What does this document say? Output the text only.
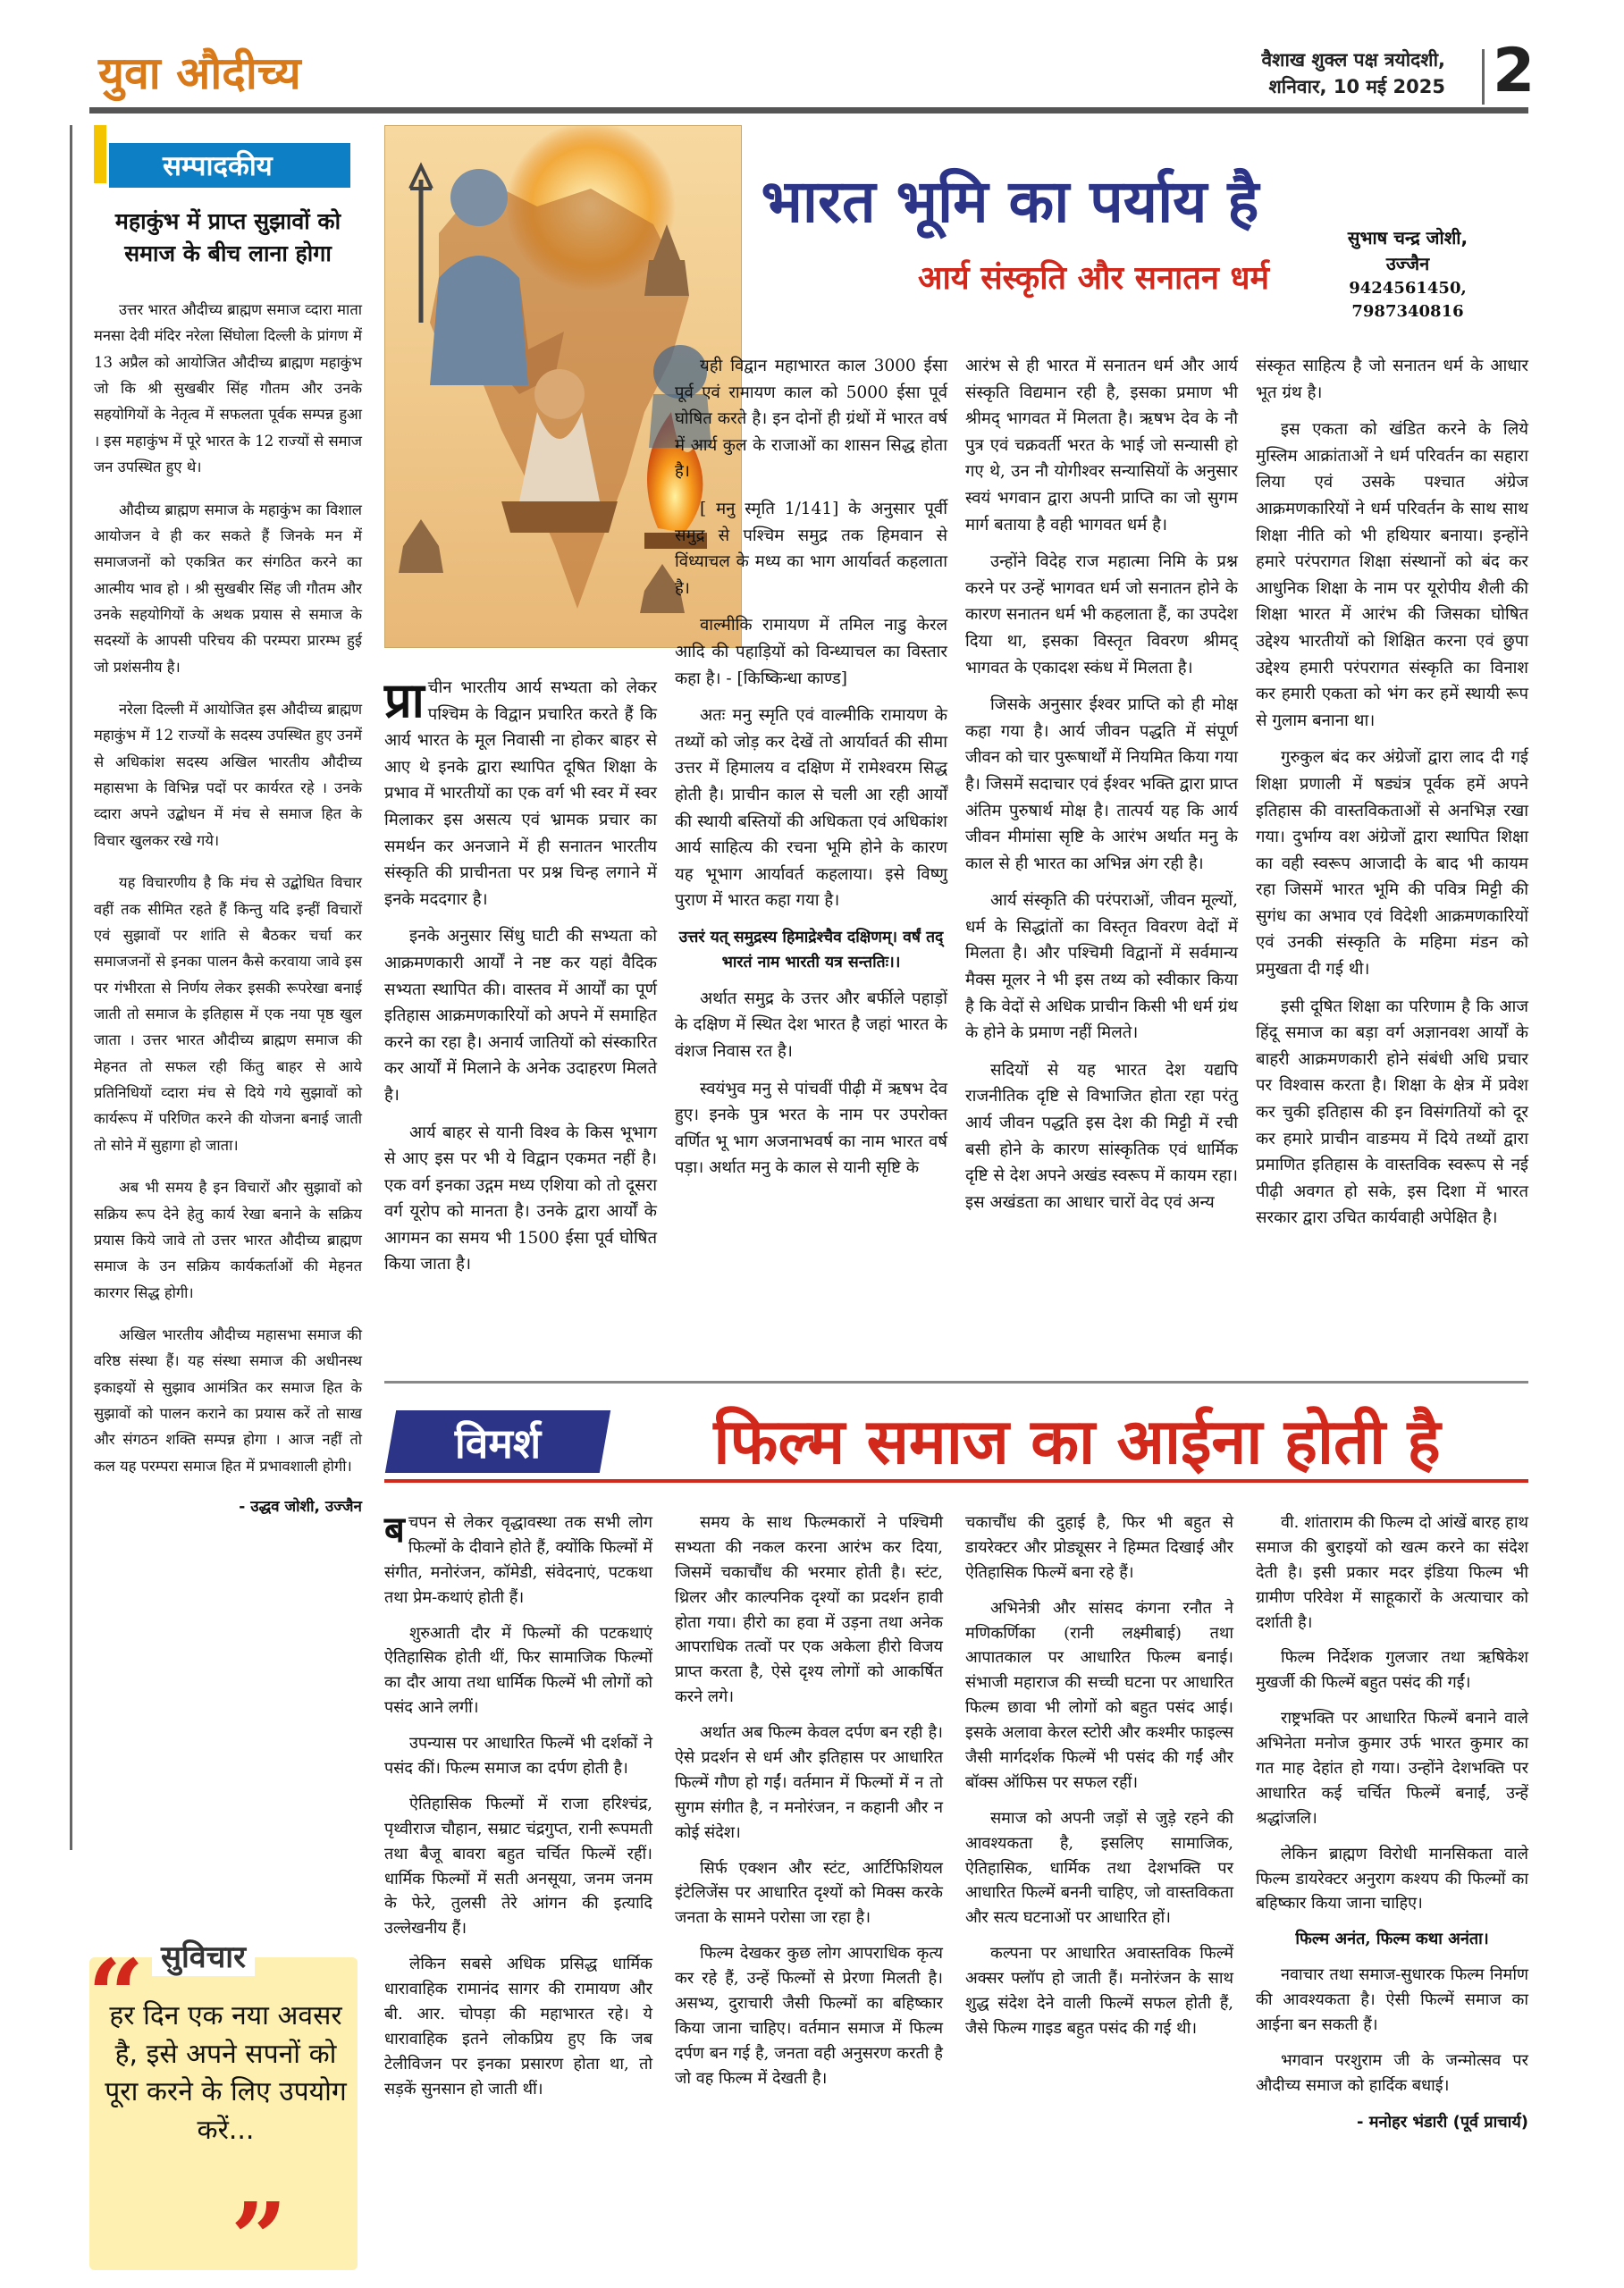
युवा औदीच्य	वैशाख शुक्ल पक्ष त्रयोदशी,
शनिवार, 10 मई 2025 2
सम्पादकीय
महाकुंभ में प्राप्त सुझावों को समाज के बीच लाना होगा

उत्तर भारत औदीच्य ब्राह्मण समाज व्दारा माता मनसा देवी मंदिर नरेला सिंघोला दिल्ली के प्रांगण में 13 अप्रैल को आयोजित औदीच्य ब्राह्मण महाकुंभ जो कि श्री सुखबीर सिंह गौतम और उनके सहयोगियों के नेतृत्व में सफलता पूर्वक सम्पन्न हुआ । इस महाकुंभ में पूरे भारत के 12 राज्यों से समाज जन उपस्थित हुए थे।

औदीच्य ब्राह्मण समाज के महाकुंभ का विशाल आयोजन वे ही कर सकते हैं जिनके मन में समाजजनों को एकत्रित कर संगठित करने का आत्मीय भाव हो । श्री सुखबीर सिंह जी गौतम और उनके सहयोगियों के अथक प्रयास से समाज के सदस्यों के आपसी परिचय की परम्परा प्रारम्भ हुई जो प्रशंसनीय है।

नरेला दिल्ली में आयोजित इस औदीच्य ब्राह्मण महाकुंभ में 12 राज्यों के सदस्य उपस्थित हुए उनमें से अधिकांश सदस्य अखिल भारतीय औदीच्य महासभा के विभिन्न पदों पर कार्यरत रहे । उनके व्दारा अपने उद्बोधन में मंच से समाज हित के विचार खुलकर रखे गये।

यह विचारणीय है कि मंच से उद्बोधित विचार वहीं तक सीमित रहते हैं किन्तु यदि इन्हीं विचारों एवं सुझावों पर शांति से बैठकर चर्चा कर समाजजनों से इनका पालन कैसे करवाया जावे इस पर गंभीरता से निर्णय लेकर इसकी रूपरेखा बनाई जाती तो समाज के इतिहास में एक नया पृष्ठ खुल जाता । उत्तर भारत औदीच्य ब्राह्मण समाज की मेहनत तो सफल रही किंतु बाहर से आये प्रतिनिधियों व्दारा मंच से दिये गये सुझावों को कार्यरूप में परिणित करने की योजना बनाई जाती तो सोने में सुहागा हो जाता।

अब भी समय है इन विचारों और सुझावों को सक्रिय रूप देने हेतु कार्य रेखा बनाने के सक्रिय प्रयास किये जावे तो उत्तर भारत औदीच्य ब्राह्मण समाज के उन सक्रिय कार्यकर्ताओं की मेहनत कारगर सिद्ध होगी।

अखिल भारतीय औदीच्य महासभा समाज की वरिष्ठ संस्था हैं। यह संस्था समाज की अधीनस्थ इकाइयों से सुझाव आमंत्रित कर समाज हित के सुझावों को पालन कराने का प्रयास करें तो साख और संगठन शक्ति सम्पन्न होगा । आज नहीं तो कल यह परम्परा समाज हित में प्रभावशाली होगी।

- उद्धव जोशी, उज्जैन
“ सुविचार
हर दिन एक नया अवसर है, इसे अपने सपनों को पूरा करने के लिए उपयोग करें...
”
भारत भूमि का पर्याय है
आर्य संस्कृति और सनातन धर्म
सुभाष चन्द्र जोशी,
उज्जैन
9424561450,
7987340816

प्रा चीन भारतीय आर्य सभ्यता को लेकर पश्चिम के विद्वान प्रचारित करते हैं कि आर्य भारत के मूल निवासी ना होकर बाहर से आए थे इनके द्वारा स्थापित दूषित शिक्षा के प्रभाव में भारतीयों का एक वर्ग भी स्वर में स्वर मिलाकर इस असत्य एवं भ्रामक प्रचार का समर्थन कर अनजाने में ही सनातन भारतीय संस्कृति की प्राचीनता पर प्रश्न चिन्ह लगाने में इनके मददगार है।

इनके अनुसार सिंधु घाटी की सभ्यता को आक्रमणकारी आर्यों ने नष्ट कर यहां वैदिक सभ्यता स्थापित की। वास्तव में आर्यों का पूर्ण इतिहास आक्रमणकारियों को अपने में समाहित करने का रहा है। अनार्य जातियों को संस्कारित कर आर्यों में मिलाने के अनेक उदाहरण मिलते है।

आर्य बाहर से यानी विश्व के किस भूभाग से आए इस पर भी ये विद्वान एकमत नहीं है। एक वर्ग इनका उद्गम मध्य एशिया को तो दूसरा वर्ग यूरोप को मानता है। उनके द्वारा आर्यों के आगमन का समय भी 1500 ईसा पूर्व घोषित किया जाता है।

यही विद्वान महाभारत काल 3000 ईसा पूर्व एवं रामायण काल को 5000 ईसा पूर्व घोषित करते है। इन दोनों ही ग्रंथों में भारत वर्ष में आर्य कुल के राजाओं का शासन सिद्ध होता है।

[ मनु स्मृति 1/141] के अनुसार पूर्वी समुद्र से पश्चिम समुद्र तक हिमवान से विंध्याचल के मध्य का भाग आर्यावर्त कहलाता है।

वाल्मीकि रामायण में तमिल नाडु केरल आदि की पहाड़ियों को विन्ध्याचल का विस्तार कहा है। - [किष्किन्धा काण्ड]

अतः मनु स्मृति एवं वाल्मीकि रामायण के तथ्यों को जोड़ कर देखें तो आर्यावर्त की सीमा उत्तर में हिमालय व दक्षिण में रामेश्वरम सिद्ध होती है। प्राचीन काल से चली आ रही आर्यों की स्थायी बस्तियों की अधिकता एवं अधिकांश आर्य साहित्य की रचना भूमि होने के कारण यह भूभाग आर्यावर्त कहलाया। इसे विष्णु पुराण में भारत कहा गया है।

उत्तरं यत् समुद्रस्य हिमाद्रेश्चैव दक्षिणम्। वर्षं तद् भारतं नाम भारती यत्र सन्ततिः।।

अर्थात समुद्र के उत्तर और बर्फीले पहाड़ों के दक्षिण में स्थित देश भारत है जहां भारत के वंशज निवास रत है।

स्वयंभुव मनु से पांचवीं पीढ़ी में ऋषभ देव हुए। इनके पुत्र भरत के नाम पर उपरोक्त वर्णित भू भाग अजनाभवर्ष का नाम भारत वर्ष पड़ा। अर्थात मनु के काल से यानी सृष्टि के

आरंभ से ही भारत में सनातन धर्म और आर्य संस्कृति विद्यमान रही है, इसका प्रमाण भी श्रीमद् भागवत में मिलता है। ऋषभ देव के नौ पुत्र एवं चक्रवर्ती भरत के भाई जो सन्यासी हो गए थे, उन नौ योगीश्वर सन्यासियों के अनुसार स्वयं भगवान द्वारा अपनी प्राप्ति का जो सुगम मार्ग बताया है वही भागवत धर्म है।

उन्होंने विदेह राज महात्मा निमि के प्रश्न करने पर उन्हें भागवत धर्म जो सनातन होने के कारण सनातन धर्म भी कहलाता हैं, का उपदेश दिया था, इसका विस्तृत विवरण श्रीमद् भागवत के एकादश स्कंध में मिलता है।

जिसके अनुसार ईश्वर प्राप्ति को ही मोक्ष कहा गया है। आर्य जीवन पद्धति में संपूर्ण जीवन को चार पुरूषार्थों में नियमित किया गया है। जिसमें सदाचार एवं ईश्वर भक्ति द्वारा प्राप्त अंतिम पुरुषार्थ मोक्ष है। तात्पर्य यह कि आर्य जीवन मीमांसा सृष्टि के आरंभ अर्थात मनु के काल से ही भारत का अभिन्न अंग रही है।

आर्य संस्कृति की परंपराओं, जीवन मूल्यों, धर्म के सिद्धांतों का विस्तृत विवरण वेदों में मिलता है। और पश्चिमी विद्वानों में सर्वमान्य मैक्स मूलर ने भी इस तथ्य को स्वीकार किया है कि वेदों से अधिक प्राचीन किसी भी धर्म ग्रंथ के होने के प्रमाण नहीं मिलते।

सदियों से यह भारत देश यद्यपि राजनीतिक दृष्टि से विभाजित होता रहा परंतु आर्य जीवन पद्धति इस देश की मिट्टी में रची बसी होने के कारण सांस्कृतिक एवं धार्मिक दृष्टि से देश अपने अखंड स्वरूप में कायम रहा। इस अखंडता का आधार चारों वेद एवं अन्य

संस्कृत साहित्य है जो सनातन धर्म के आधार भूत ग्रंथ है।

इस एकता को खंडित करने के लिये मुस्लिम आक्रांताओं ने धर्म परिवर्तन का सहारा लिया एवं उसके पश्चात अंग्रेज आक्रमणकारियों ने धर्म परिवर्तन के साथ साथ शिक्षा नीति को भी हथियार बनाया। इन्होंने हमारे परंपरागत शिक्षा संस्थानों को बंद कर आधुनिक शिक्षा के नाम पर यूरोपीय शैली की शिक्षा भारत में आरंभ की जिसका घोषित उद्देश्य भारतीयों को शिक्षित करना एवं छुपा उद्देश्य हमारी परंपरागत संस्कृति का विनाश कर हमारी एकता को भंग कर हमें स्थायी रूप से गुलाम बनाना था।

गुरुकुल बंद कर अंग्रेजों द्वारा लाद दी गई शिक्षा प्रणाली में षड्यंत्र पूर्वक हमें अपने इतिहास की वास्तविकताओं से अनभिज्ञ रखा गया। दुर्भाग्य वश अंग्रेजों द्वारा स्थापित शिक्षा का वही स्वरूप आजादी के बाद भी कायम रहा जिसमें भारत भूमि की पवित्र मिट्टी की सुगंध का अभाव एवं विदेशी आक्रमणकारियों एवं उनकी संस्कृति के महिमा मंडन को प्रमुखता दी गई थी।

इसी दूषित शिक्षा का परिणाम है कि आज हिंदू समाज का बड़ा वर्ग अज्ञानवश आर्यों के बाहरी आक्रमणकारी होने संबंधी अधि प्रचार पर विश्वास करता है। शिक्षा के क्षेत्र में प्रवेश कर चुकी इतिहास की इन विसंगतियों को दूर कर हमारे प्राचीन वाङमय में दिये तथ्यों द्वारा प्रमाणित इतिहास के वास्तविक स्वरूप से नई पीढ़ी अवगत हो सके, इस दिशा में भारत सरकार द्वारा उचित कार्यवाही अपेक्षित है।

विमर्श	फिल्म समाज का आईना होती है

बचपन से लेकर वृद्धावस्था तक सभी लोग फिल्मों के दीवाने होते हैं, क्योंकि फिल्मों में संगीत, मनोरंजन, कॉमेडी, संवेदनाएं, पटकथा तथा प्रेम-कथाएं होती हैं।

शुरुआती दौर में फिल्मों की पटकथाएं ऐतिहासिक होती थीं, फिर सामाजिक फिल्मों का दौर आया तथा धार्मिक फिल्में भी लोगों को पसंद आने लगीं।

उपन्यास पर आधारित फिल्में भी दर्शकों ने पसंद कीं। फिल्म समाज का दर्पण होती है।

ऐतिहासिक फिल्मों में राजा हरिश्चंद्र, पृथ्वीराज चौहान, सम्राट चंद्रगुप्त, रानी रूपमती तथा बैजू बावरा बहुत चर्चित फिल्में रहीं। धार्मिक फिल्मों में सती अनसूया, जनम जनम के फेरे, तुलसी तेरे आंगन की इत्यादि उल्लेखनीय हैं।

लेकिन सबसे अधिक प्रसिद्ध धार्मिक धारावाहिक रामानंद सागर की रामायण और बी. आर. चोपड़ा की महाभारत रहे। ये धारावाहिक इतने लोकप्रिय हुए कि जब टेलीविजन पर इनका प्रसारण होता था, तो सड़कें सुनसान हो जाती थीं।

समय के साथ फिल्मकारों ने पश्चिमी सभ्यता की नकल करना आरंभ कर दिया, जिसमें चकाचौंध की भरमार होती है। स्टंट, थ्रिलर और काल्पनिक दृश्यों का प्रदर्शन हावी होता गया। हीरो का हवा में उड़ना तथा अनेक आपराधिक तत्वों पर एक अकेला हीरो विजय प्राप्त करता है, ऐसे दृश्य लोगों को आकर्षित करने लगे।

अर्थात अब फिल्म केवल दर्पण बन रही है। ऐसे प्रदर्शन से धर्म और इतिहास पर आधारित फिल्में गौण हो गईं। वर्तमान में फिल्मों में न तो सुगम संगीत है, न मनोरंजन, न कहानी और न कोई संदेश।

सिर्फ एक्शन और स्टंट, आर्टिफिशियल इंटेलिजेंस पर आधारित दृश्यों को मिक्स करके जनता के सामने परोसा जा रहा है।

फिल्म देखकर कुछ लोग आपराधिक कृत्य कर रहे हैं, उन्हें फिल्मों से प्रेरणा मिलती है। असभ्य, दुराचारी जैसी फिल्मों का बहिष्कार किया जाना चाहिए। वर्तमान समाज में फिल्म दर्पण बन गई है, जनता वही अनुसरण करती है जो वह फिल्म में देखती है।

चकाचौंध की दुहाई है, फिर भी बहुत से डायरेक्टर और प्रोड्यूसर ने हिम्मत दिखाई और ऐतिहासिक फिल्में बना रहे हैं।

अभिनेत्री और सांसद कंगना रनौत ने मणिकर्णिका (रानी लक्ष्मीबाई) तथा आपातकाल पर आधारित फिल्म बनाई। संभाजी महाराज की सच्ची घटना पर आधारित फिल्म छावा भी लोगों को बहुत पसंद आई। इसके अलावा केरल स्टोरी और कश्मीर फाइल्स जैसी मार्गदर्शक फिल्में भी पसंद की गईं और बॉक्स ऑफिस पर सफल रहीं।

समाज को अपनी जड़ों से जुड़े रहने की आवश्यकता है, इसलिए सामाजिक, ऐतिहासिक, धार्मिक तथा देशभक्ति पर आधारित फिल्में बननी चाहिए, जो वास्तविकता और सत्य घटनाओं पर आधारित हों।

कल्पना पर आधारित अवास्तविक फिल्में अक्सर फ्लॉप हो जाती हैं। मनोरंजन के साथ शुद्ध संदेश देने वाली फिल्में सफल होती हैं, जैसे फिल्म गाइड बहुत पसंद की गई थी।

वी. शांताराम की फिल्म दो आंखें बारह हाथ समाज की बुराइयों को खत्म करने का संदेश देती है। इसी प्रकार मदर इंडिया फिल्म भी ग्रामीण परिवेश में साहूकारों के अत्याचार को दर्शाती है।

फिल्म निर्देशक गुलजार तथा ऋषिकेश मुखर्जी की फिल्में बहुत पसंद की गईं।

राष्ट्रभक्ति पर आधारित फिल्में बनाने वाले अभिनेता मनोज कुमार उर्फ भारत कुमार का गत माह देहांत हो गया। उन्होंने देशभक्ति पर आधारित कई चर्चित फिल्में बनाईं, उन्हें श्रद्धांजलि।

लेकिन ब्राह्मण विरोधी मानसिकता वाले फिल्म डायरेक्टर अनुराग कश्यप की फिल्मों का बहिष्कार किया जाना चाहिए।

फिल्म अनंत, फिल्म कथा अनंता।

नवाचार तथा समाज-सुधारक फिल्म निर्माण की आवश्यकता है। ऐसी फिल्में समाज का आईना बन सकती हैं।

भगवान परशुराम जी के जन्मोत्सव पर औदीच्य समाज को हार्दिक बधाई।

- मनोहर भंडारी (पूर्व प्राचार्य)
